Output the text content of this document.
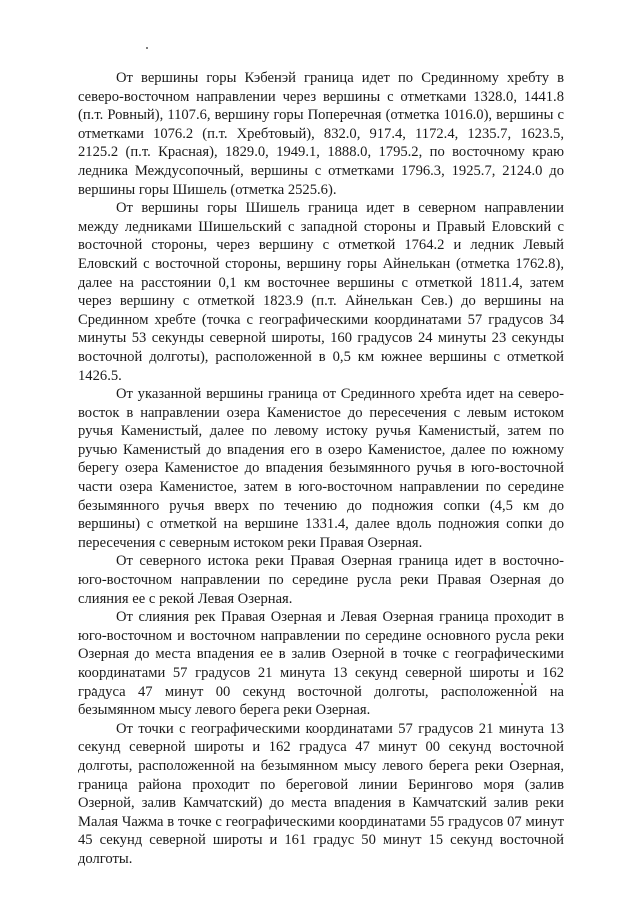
От вершины горы Кэбенэй граница идет по Срединному хребту в северо-восточном направлении через вершины с отметками 1328.0, 1441.8 (п.т. Ровный), 1107.6, вершину горы Поперечная (отметка 1016.0), вершины с отметками 1076.2 (п.т. Хребтовый), 832.0, 917.4, 1172.4, 1235.7, 1623.5, 2125.2 (п.т. Красная), 1829.0, 1949.1, 1888.0, 1795.2, по восточному краю ледника Междусопочный, вершины с отметками 1796.3, 1925.7, 2124.0 до вершины горы Шишель (отметка 2525.6).

От вершины горы Шишель граница идет в северном направлении между ледниками Шишельский с западной стороны и Правый Еловский с восточной стороны, через вершину с отметкой 1764.2 и ледник Левый Еловский с восточной стороны, вершину горы Айнелькан (отметка 1762.8), далее на расстоянии 0,1 км восточнее вершины с отметкой 1811.4, затем через вершину с отметкой 1823.9 (п.т. Айнелькан Сев.) до вершины на Срединном хребте (точка с географическими координатами 57 градусов 34 минуты 53 секунды северной широты, 160 градусов 24 минуты 23 секунды восточной долготы), расположенной в 0,5 км южнее вершины с отметкой 1426.5.

От указанной вершины граница от Срединного хребта идет на северо-восток в направлении озера Каменистое до пересечения с левым истоком ручья Каменистый, далее по левому истоку ручья Каменистый, затем по ручью Каменистый до впадения его в озеро Каменистое, далее по южному берегу озера Каменистое до впадения безымянного ручья в юго-восточной части озера Каменистое, затем в юго-восточном направлении по середине безымянного ручья вверх по течению до подножия сопки (4,5 км до вершины) с отметкой на вершине 1331.4, далее вдоль подножия сопки до пересечения с северным истоком реки Правая Озерная.

От северного истока реки Правая Озерная граница идет в восточно-юго-восточном направлении по середине русла реки Правая Озерная до слияния ее с рекой Левая Озерная.

От слияния рек Правая Озерная и Левая Озерная граница проходит в юго-восточном и восточном направлении по середине основного русла реки Озерная до места впадения ее в залив Озерной в точке с географическими координатами 57 градусов 21 минута 13 секунд северной широты и 162 градуса 47 минут 00 секунд восточной долготы, расположенной на безымянном мысу левого берега реки Озерная.

От точки с географическими координатами 57 градусов 21 минута 13 секунд северной широты и 162 градуса 47 минут 00 секунд восточной долготы, расположенной на безымянном мысу левого берега реки Озерная, граница района проходит по береговой линии Берингово моря (залив Озерной, залив Камчатский) до места впадения в Камчатский залив реки Малая Чажма в точке с географическими координатами 55 градусов 07 минут 45 секунд северной широты и 161 градус 50 минут 15 секунд восточной долготы.
